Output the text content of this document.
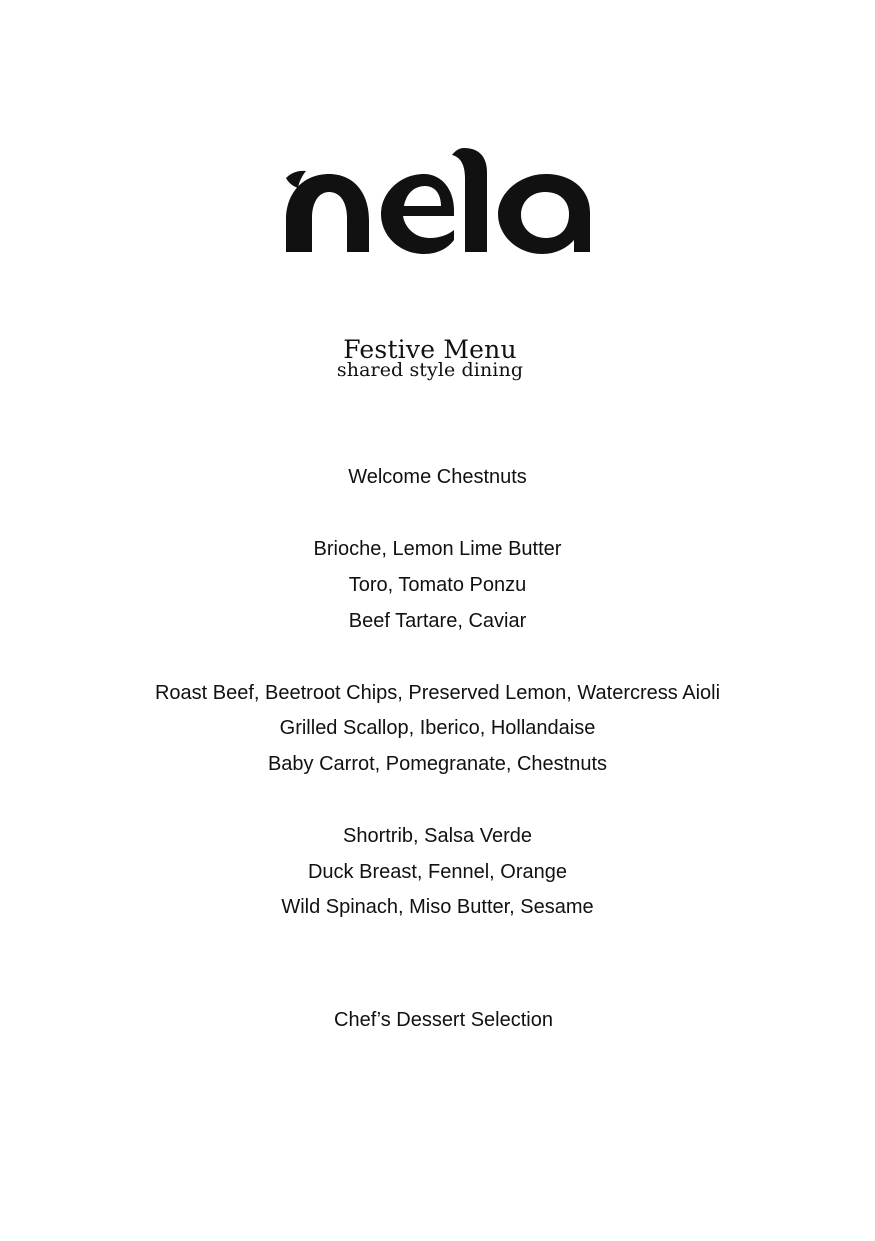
Festive Menu
shared style dining
Welcome Chestnuts
Brioche, Lemon Lime Butter
Toro, Tomato Ponzu
Beef Tartare, Caviar
Roast Beef, Beetroot Chips, Preserved Lemon, Watercress Aioli
Grilled Scallop, Iberico, Hollandaise
Baby Carrot, Pomegranate, Chestnuts
Shortrib, Salsa Verde
Duck Breast, Fennel, Orange
Wild Spinach, Miso Butter, Sesame
Chef’s Dessert Selection
